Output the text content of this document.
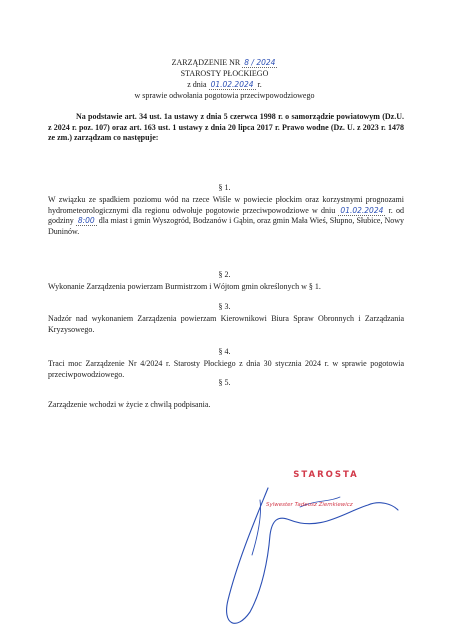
ZARZĄDZENIE NR 8 / 2024
STAROSTY PŁOCKIEGO
z dnia 01.02.2024 r.
w sprawie odwołania pogotowia przeciwpowodziowego
Na podstawie art. 34 ust. 1a ustawy z dnia 5 czerwca 1998 r. o samorządzie powiatowym (Dz.U. z 2024 r. poz. 107) oraz art. 163 ust. 1 ustawy z dnia 20 lipca 2017 r. Prawo wodne (Dz. U. z 2023 r. 1478 ze zm.) zarządzam co następuje:
§ 1.
W związku ze spadkiem poziomu wód na rzece Wiśle w powiecie płockim oraz korzystnymi prognozami hydrometeorologicznymi dla regionu odwołuje pogotowie przeciwpowodziowe w dniu 01.02.2024 r. od godziny 8:00 dla miast i gmin Wyszogród, Bodzanów i Gąbin, oraz gmin Mała Wieś, Słupno, Słubice, Nowy Duninów.
§ 2.
Wykonanie Zarządzenia powierzam Burmistrzom i Wójtom gmin określonych w § 1.
§ 3.
Nadzór nad wykonaniem Zarządzenia powierzam Kierownikowi Biura Spraw Obronnych i Zarządzania Kryzysowego.
§ 4.
Traci moc Zarządzenie Nr 4/2024 r. Starosty Płockiego z dnia 30 stycznia 2024 r. w sprawie pogotowia przeciwpowodziowego.
§ 5.
Zarządzenie wchodzi w życie z chwilą podpisania.
STAROSTA
Sylwester Tadeusz Ziemkiewicz
